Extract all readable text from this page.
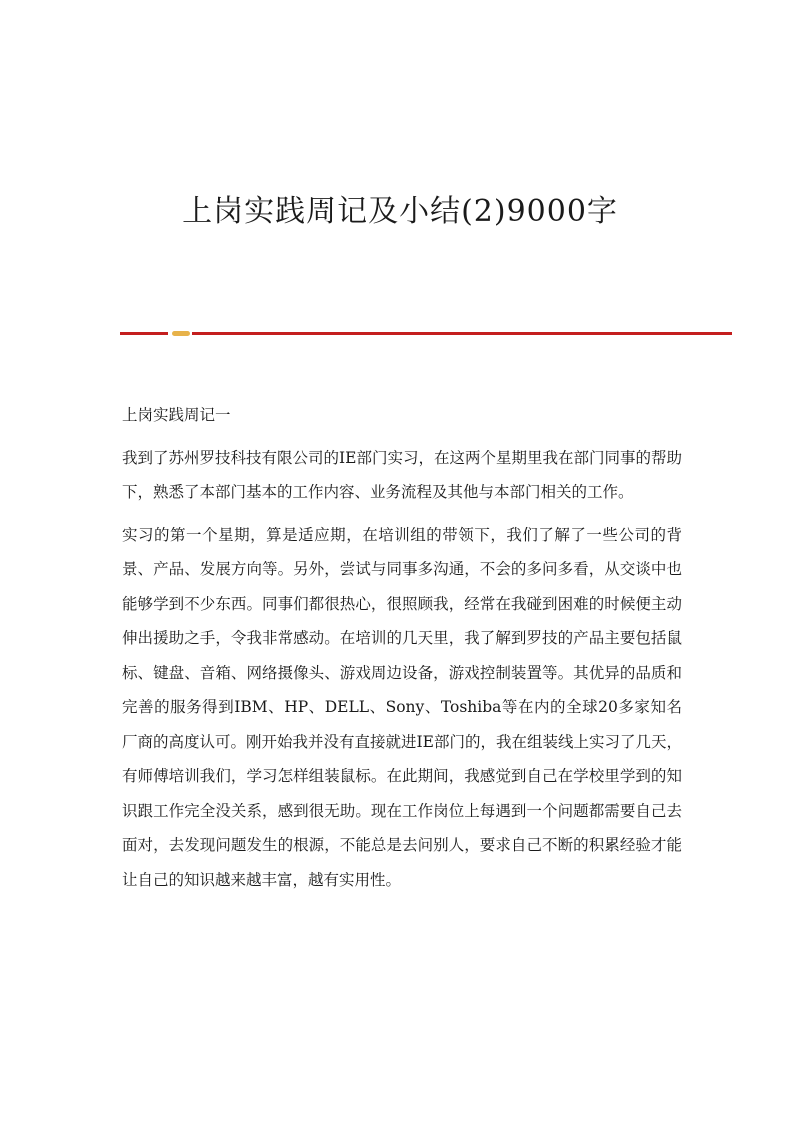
上岗实践周记及小结(2)9000字

上岗实践周记一

我到了苏州罗技科技有限公司的IE部门实习，在这两个星期里我在部门同事的帮助下，熟悉了本部门基本的工作内容、业务流程及其他与本部门相关的工作。

实习的第一个星期，算是适应期，在培训组的带领下，我们了解了一些公司的背景、产品、发展方向等。另外，尝试与同事多沟通，不会的多问多看，从交谈中也能够学到不少东西。同事们都很热心，很照顾我，经常在我碰到困难的时候便主动伸出援助之手，令我非常感动。在培训的几天里，我了解到罗技的产品主要包括鼠标、键盘、音箱、网络摄像头、游戏周边设备，游戏控制装置等。其优异的品质和完善的服务得到IBM、HP、DELL、Sony、Toshiba等在内的全球20多家知名厂商的高度认可。刚开始我并没有直接就进IE部门的，我在组装线上实习了几天，有师傅培训我们，学习怎样组装鼠标。在此期间，我感觉到自己在学校里学到的知识跟工作完全没关系，感到很无助。现在工作岗位上每遇到一个问题都需要自己去面对，去发现问题发生的根源，不能总是去问别人，要求自己不断的积累经验才能让自己的知识越来越丰富，越有实用性。
